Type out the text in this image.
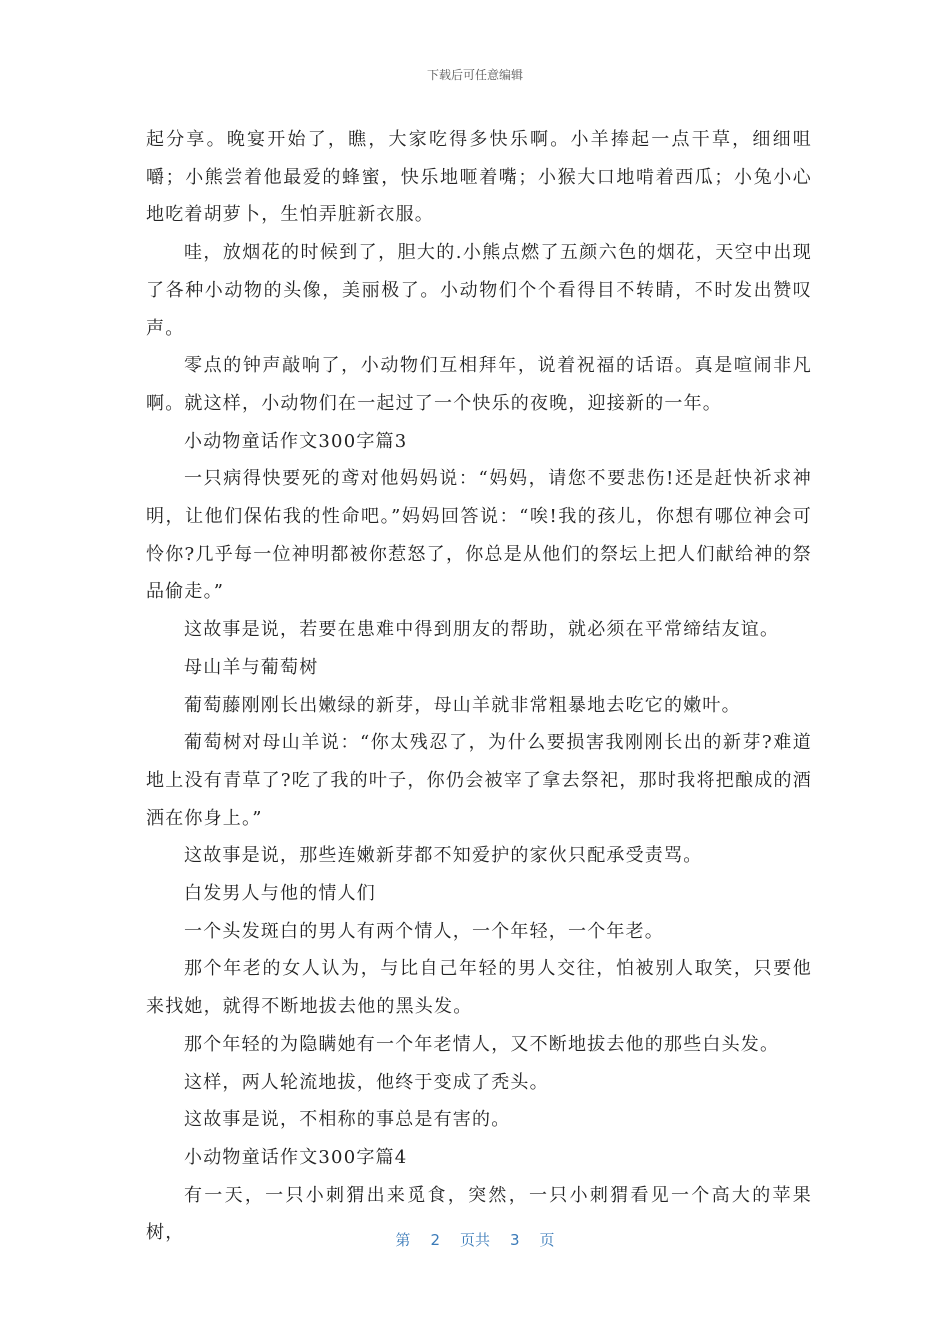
下载后可任意编辑

起分享。晚宴开始了，瞧，大家吃得多快乐啊。小羊捧起一点干草，细细咀嚼；小熊尝着他最爱的蜂蜜，快乐地咂着嘴；小猴大口地啃着西瓜；小兔小心地吃着胡萝卜，生怕弄脏新衣服。

哇，放烟花的时候到了，胆大的.小熊点燃了五颜六色的烟花，天空中出现了各种小动物的头像，美丽极了。小动物们个个看得目不转睛，不时发出赞叹声。

零点的钟声敲响了，小动物们互相拜年，说着祝福的话语。真是喧闹非凡啊。就这样，小动物们在一起过了一个快乐的夜晚，迎接新的一年。

小动物童话作文300字篇3

一只病得快要死的鸢对他妈妈说：“妈妈，请您不要悲伤!还是赶快祈求神明，让他们保佑我的性命吧。”妈妈回答说：“唉!我的孩儿，你想有哪位神会可怜你?几乎每一位神明都被你惹怒了，你总是从他们的祭坛上把人们献给神的祭品偷走。”

这故事是说，若要在患难中得到朋友的帮助，就必须在平常缔结友谊。

母山羊与葡萄树

葡萄藤刚刚长出嫩绿的新芽，母山羊就非常粗暴地去吃它的嫩叶。

葡萄树对母山羊说：“你太残忍了，为什么要损害我刚刚长出的新芽?难道地上没有青草了?吃了我的叶子，你仍会被宰了拿去祭祀，那时我将把酿成的酒洒在你身上。”

这故事是说，那些连嫩新芽都不知爱护的家伙只配承受责骂。

白发男人与他的情人们

一个头发斑白的男人有两个情人，一个年轻，一个年老。

那个年老的女人认为，与比自己年轻的男人交往，怕被别人取笑，只要他来找她，就得不断地拔去他的黑头发。

那个年轻的为隐瞒她有一个年老情人，又不断地拔去他的那些白头发。

这样，两人轮流地拔，他终于变成了秃头。

这故事是说，不相称的事总是有害的。

小动物童话作文300字篇4

有一天，一只小刺猬出来觅食，突然，一只小刺猬看见一个高大的苹果树，	第 2 页共 3 页
